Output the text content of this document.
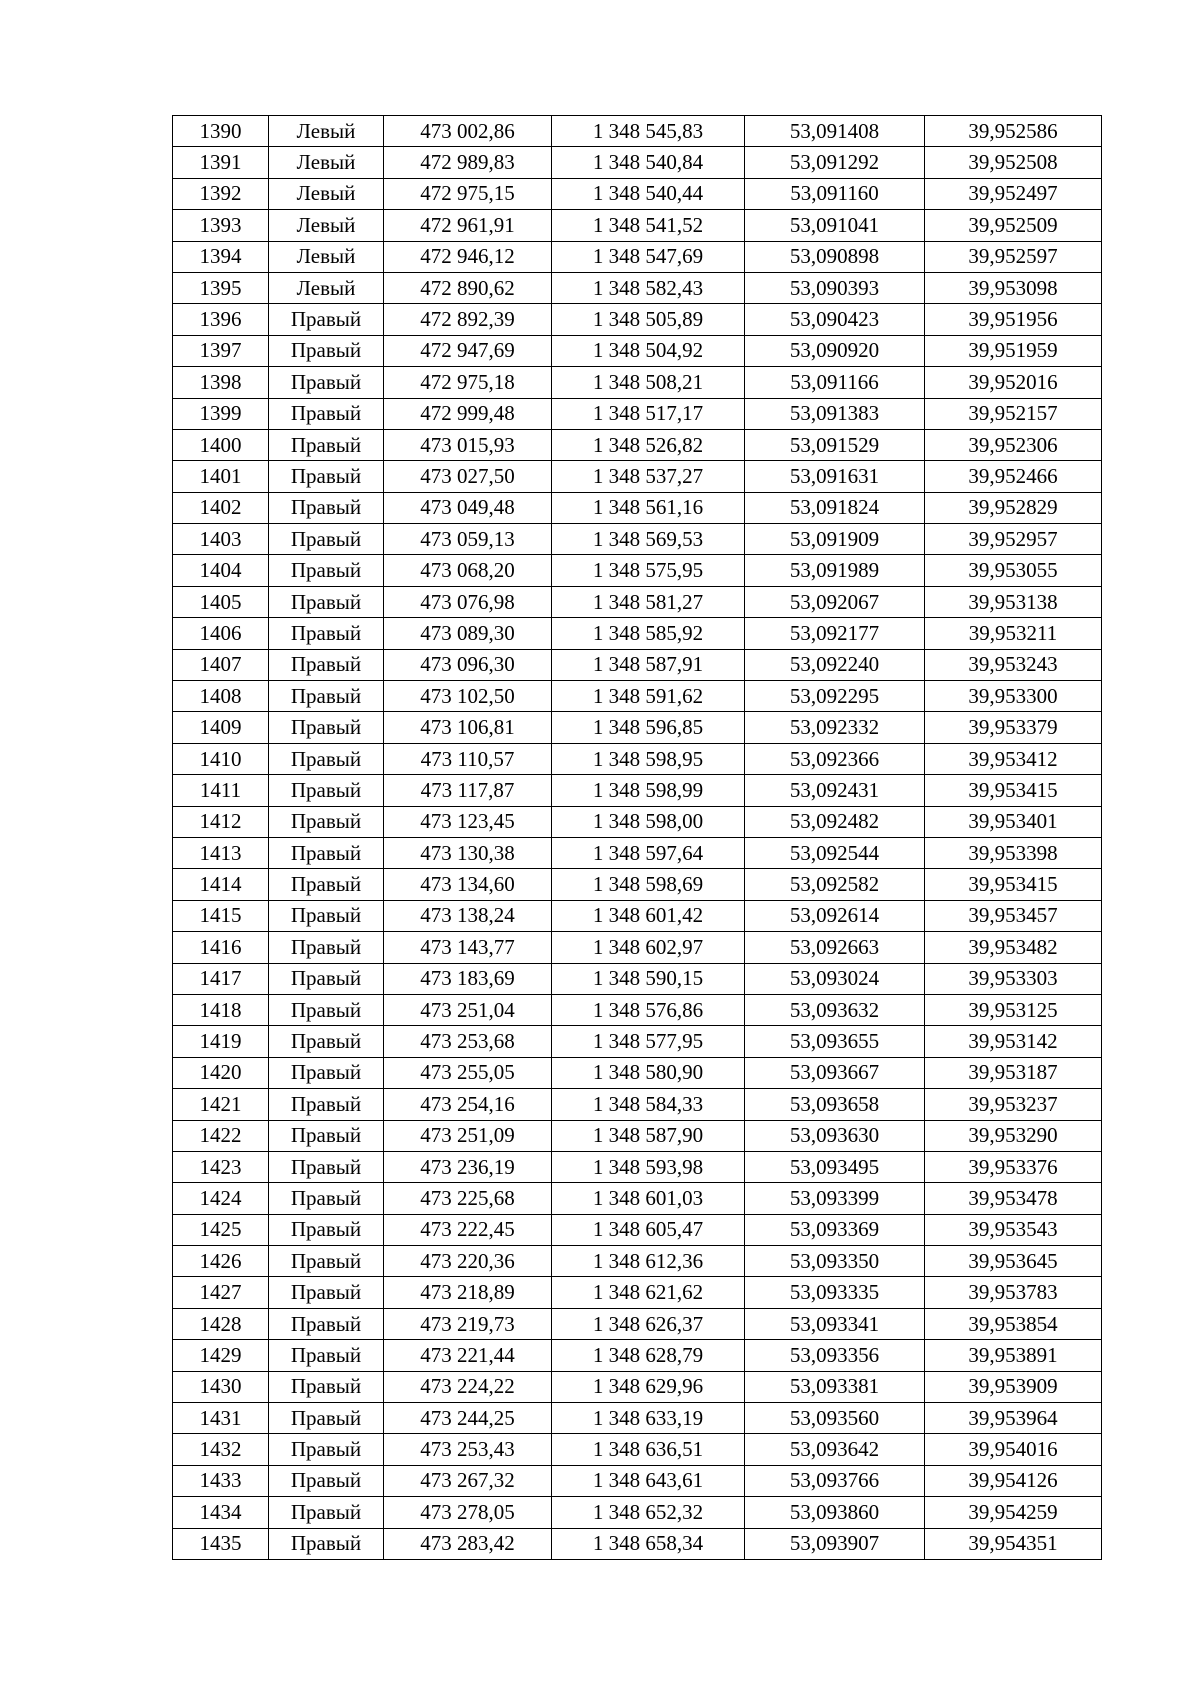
1390	Левый	473 002,86	1 348 545,83	53,091408	39,952586
1391	Левый	472 989,83	1 348 540,84	53,091292	39,952508
1392	Левый	472 975,15	1 348 540,44	53,091160	39,952497
1393	Левый	472 961,91	1 348 541,52	53,091041	39,952509
1394	Левый	472 946,12	1 348 547,69	53,090898	39,952597
1395	Левый	472 890,62	1 348 582,43	53,090393	39,953098
1396	Правый	472 892,39	1 348 505,89	53,090423	39,951956
1397	Правый	472 947,69	1 348 504,92	53,090920	39,951959
1398	Правый	472 975,18	1 348 508,21	53,091166	39,952016
1399	Правый	472 999,48	1 348 517,17	53,091383	39,952157
1400	Правый	473 015,93	1 348 526,82	53,091529	39,952306
1401	Правый	473 027,50	1 348 537,27	53,091631	39,952466
1402	Правый	473 049,48	1 348 561,16	53,091824	39,952829
1403	Правый	473 059,13	1 348 569,53	53,091909	39,952957
1404	Правый	473 068,20	1 348 575,95	53,091989	39,953055
1405	Правый	473 076,98	1 348 581,27	53,092067	39,953138
1406	Правый	473 089,30	1 348 585,92	53,092177	39,953211
1407	Правый	473 096,30	1 348 587,91	53,092240	39,953243
1408	Правый	473 102,50	1 348 591,62	53,092295	39,953300
1409	Правый	473 106,81	1 348 596,85	53,092332	39,953379
1410	Правый	473 110,57	1 348 598,95	53,092366	39,953412
1411	Правый	473 117,87	1 348 598,99	53,092431	39,953415
1412	Правый	473 123,45	1 348 598,00	53,092482	39,953401
1413	Правый	473 130,38	1 348 597,64	53,092544	39,953398
1414	Правый	473 134,60	1 348 598,69	53,092582	39,953415
1415	Правый	473 138,24	1 348 601,42	53,092614	39,953457
1416	Правый	473 143,77	1 348 602,97	53,092663	39,953482
1417	Правый	473 183,69	1 348 590,15	53,093024	39,953303
1418	Правый	473 251,04	1 348 576,86	53,093632	39,953125
1419	Правый	473 253,68	1 348 577,95	53,093655	39,953142
1420	Правый	473 255,05	1 348 580,90	53,093667	39,953187
1421	Правый	473 254,16	1 348 584,33	53,093658	39,953237
1422	Правый	473 251,09	1 348 587,90	53,093630	39,953290
1423	Правый	473 236,19	1 348 593,98	53,093495	39,953376
1424	Правый	473 225,68	1 348 601,03	53,093399	39,953478
1425	Правый	473 222,45	1 348 605,47	53,093369	39,953543
1426	Правый	473 220,36	1 348 612,36	53,093350	39,953645
1427	Правый	473 218,89	1 348 621,62	53,093335	39,953783
1428	Правый	473 219,73	1 348 626,37	53,093341	39,953854
1429	Правый	473 221,44	1 348 628,79	53,093356	39,953891
1430	Правый	473 224,22	1 348 629,96	53,093381	39,953909
1431	Правый	473 244,25	1 348 633,19	53,093560	39,953964
1432	Правый	473 253,43	1 348 636,51	53,093642	39,954016
1433	Правый	473 267,32	1 348 643,61	53,093766	39,954126
1434	Правый	473 278,05	1 348 652,32	53,093860	39,954259
1435	Правый	473 283,42	1 348 658,34	53,093907	39,954351
